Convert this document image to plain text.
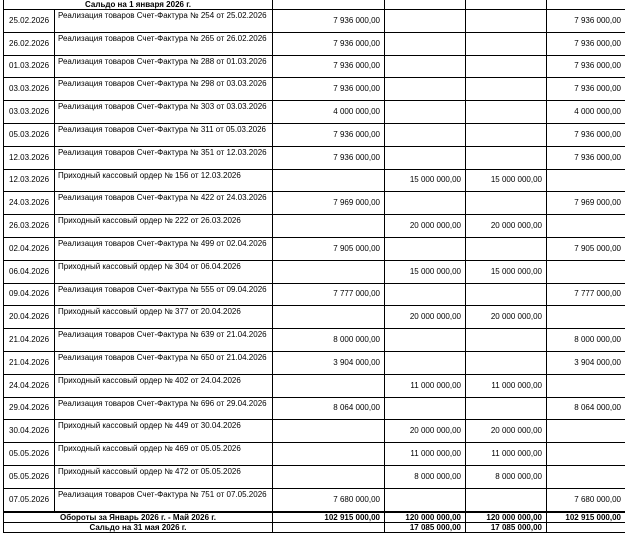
Сальдо на 1 января 2026 г.					
25.02.2026	Реализация товаров Счет-Фактура № 254 от 25.02.2026	7 936 000,00			7 936 000,00
26.02.2026	Реализация товаров Счет-Фактура № 265 от 26.02.2026	7 936 000,00			7 936 000,00
01.03.2026	Реализация товаров Счет-Фактура № 288 от 01.03.2026	7 936 000,00			7 936 000,00
03.03.2026	Реализация товаров Счет-Фактура № 298 от 03.03.2026	7 936 000,00			7 936 000,00
03.03.2026	Реализация товаров Счет-Фактура № 303 от 03.03.2026	4 000 000,00			4 000 000,00
05.03.2026	Реализация товаров Счет-Фактура № 311 от 05.03.2026	7 936 000,00			7 936 000,00
12.03.2026	Реализация товаров Счет-Фактура № 351 от 12.03.2026	7 936 000,00			7 936 000,00
12.03.2026	Приходный кассовый ордер № 156 от 12.03.2026		15 000 000,00	15 000 000,00	
24.03.2026	Реализация товаров Счет-Фактура № 422 от 24.03.2026	7 969 000,00			7 969 000,00
26.03.2026	Приходный кассовый ордер № 222 от 26.03.2026		20 000 000,00	20 000 000,00	
02.04.2026	Реализация товаров Счет-Фактура № 499 от 02.04.2026	7 905 000,00			7 905 000,00
06.04.2026	Приходный кассовый ордер № 304 от 06.04.2026		15 000 000,00	15 000 000,00	
09.04.2026	Реализация товаров Счет-Фактура № 555 от 09.04.2026	7 777 000,00			7 777 000,00
20.04.2026	Приходный кассовый ордер № 377 от 20.04.2026		20 000 000,00	20 000 000,00	
21.04.2026	Реализация товаров Счет-Фактура № 639 от 21.04.2026	8 000 000,00			8 000 000,00
21.04.2026	Реализация товаров Счет-Фактура № 650 от 21.04.2026	3 904 000,00			3 904 000,00
24.04.2026	Приходный кассовый ордер № 402 от 24.04.2026		11 000 000,00	11 000 000,00	
29.04.2026	Реализация товаров Счет-Фактура № 696 от 29.04.2026	8 064 000,00			8 064 000,00
30.04.2026	Приходный кассовый ордер № 449 от 30.04.2026		20 000 000,00	20 000 000,00	
05.05.2026	Приходный кассовый ордер № 469 от 05.05.2026		11 000 000,00	11 000 000,00	
05.05.2026	Приходный кассовый ордер № 472 от 05.05.2026		8 000 000,00	8 000 000,00	
07.05.2026	Реализация товаров Счет-Фактура № 751 от 07.05.2026	7 680 000,00			7 680 000,00
Обороты за Январь 2026 г. - Май 2026 г.		102 915 000,00	120 000 000,00	120 000 000,00	102 915 000,00
Сальдо на 31 мая 2026 г.			17 085 000,00	17 085 000,00	
